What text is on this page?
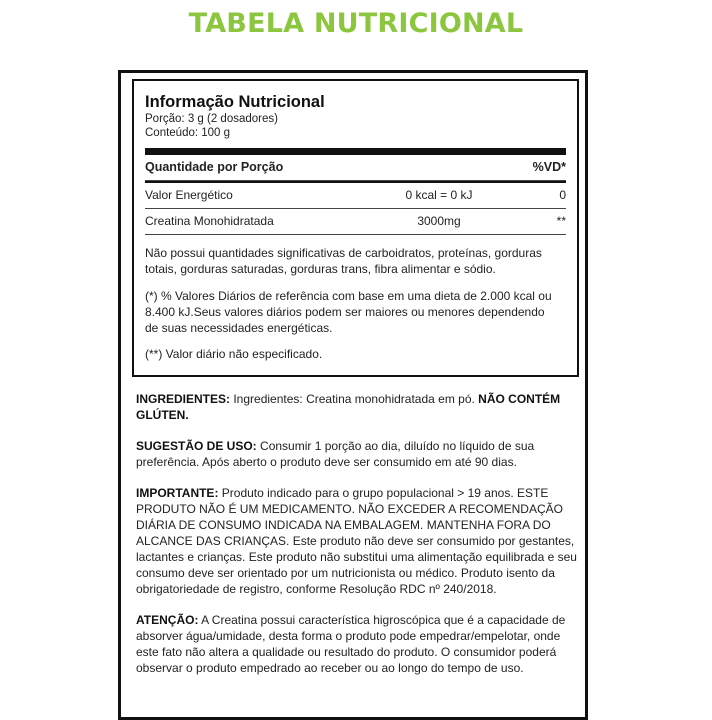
TABELA NUTRICIONAL
Informação Nutricional
Porção: 3 g (2 dosadores)
Conteúdo: 100 g
Quantidade por Porção	%VD*
Valor Energético	0 kcal = 0 kJ	0
Creatina Monohidratada	3000mg	**

Não possui quantidades significativas de carboidratos, proteínas, gorduras totais, gorduras saturadas, gorduras trans, fibra alimentar e sódio.

(*) % Valores Diários de referência com base em uma dieta de 2.000 kcal ou 8.400 kJ.Seus valores diários podem ser maiores ou menores dependendo de suas necessidades energéticas.

(**) Valor diário não especificado.

INGREDIENTES: Ingredientes: Creatina monohidratada em pó. NÃO CONTÉM GLÚTEN.

SUGESTÃO DE USO: Consumir 1 porção ao dia, diluído no líquido de sua preferência. Após aberto o produto deve ser consumido em até 90 dias.

IMPORTANTE: Produto indicado para o grupo populacional > 19 anos. ESTE PRODUTO NÃO É UM MEDICAMENTO. NÃO EXCEDER A RECOMENDAÇÃO DIÁRIA DE CONSUMO INDICADA NA EMBALAGEM. MANTENHA FORA DO ALCANCE DAS CRIANÇAS. Este produto não deve ser consumido por gestantes, lactantes e crianças. Este produto não substitui uma alimentação equilibrada e seu consumo deve ser orientado por um nutricionista ou médico. Produto isento da obrigatoriedade de registro, conforme Resolução RDC nº 240/2018.

ATENÇÃO: A Creatina possui característica higroscópica que é a capacidade de absorver água/umidade, desta forma o produto pode empedrar/empelotar, onde este fato não altera a qualidade ou resultado do produto. O consumidor poderá observar o produto empedrado ao receber ou ao longo do tempo de uso.
